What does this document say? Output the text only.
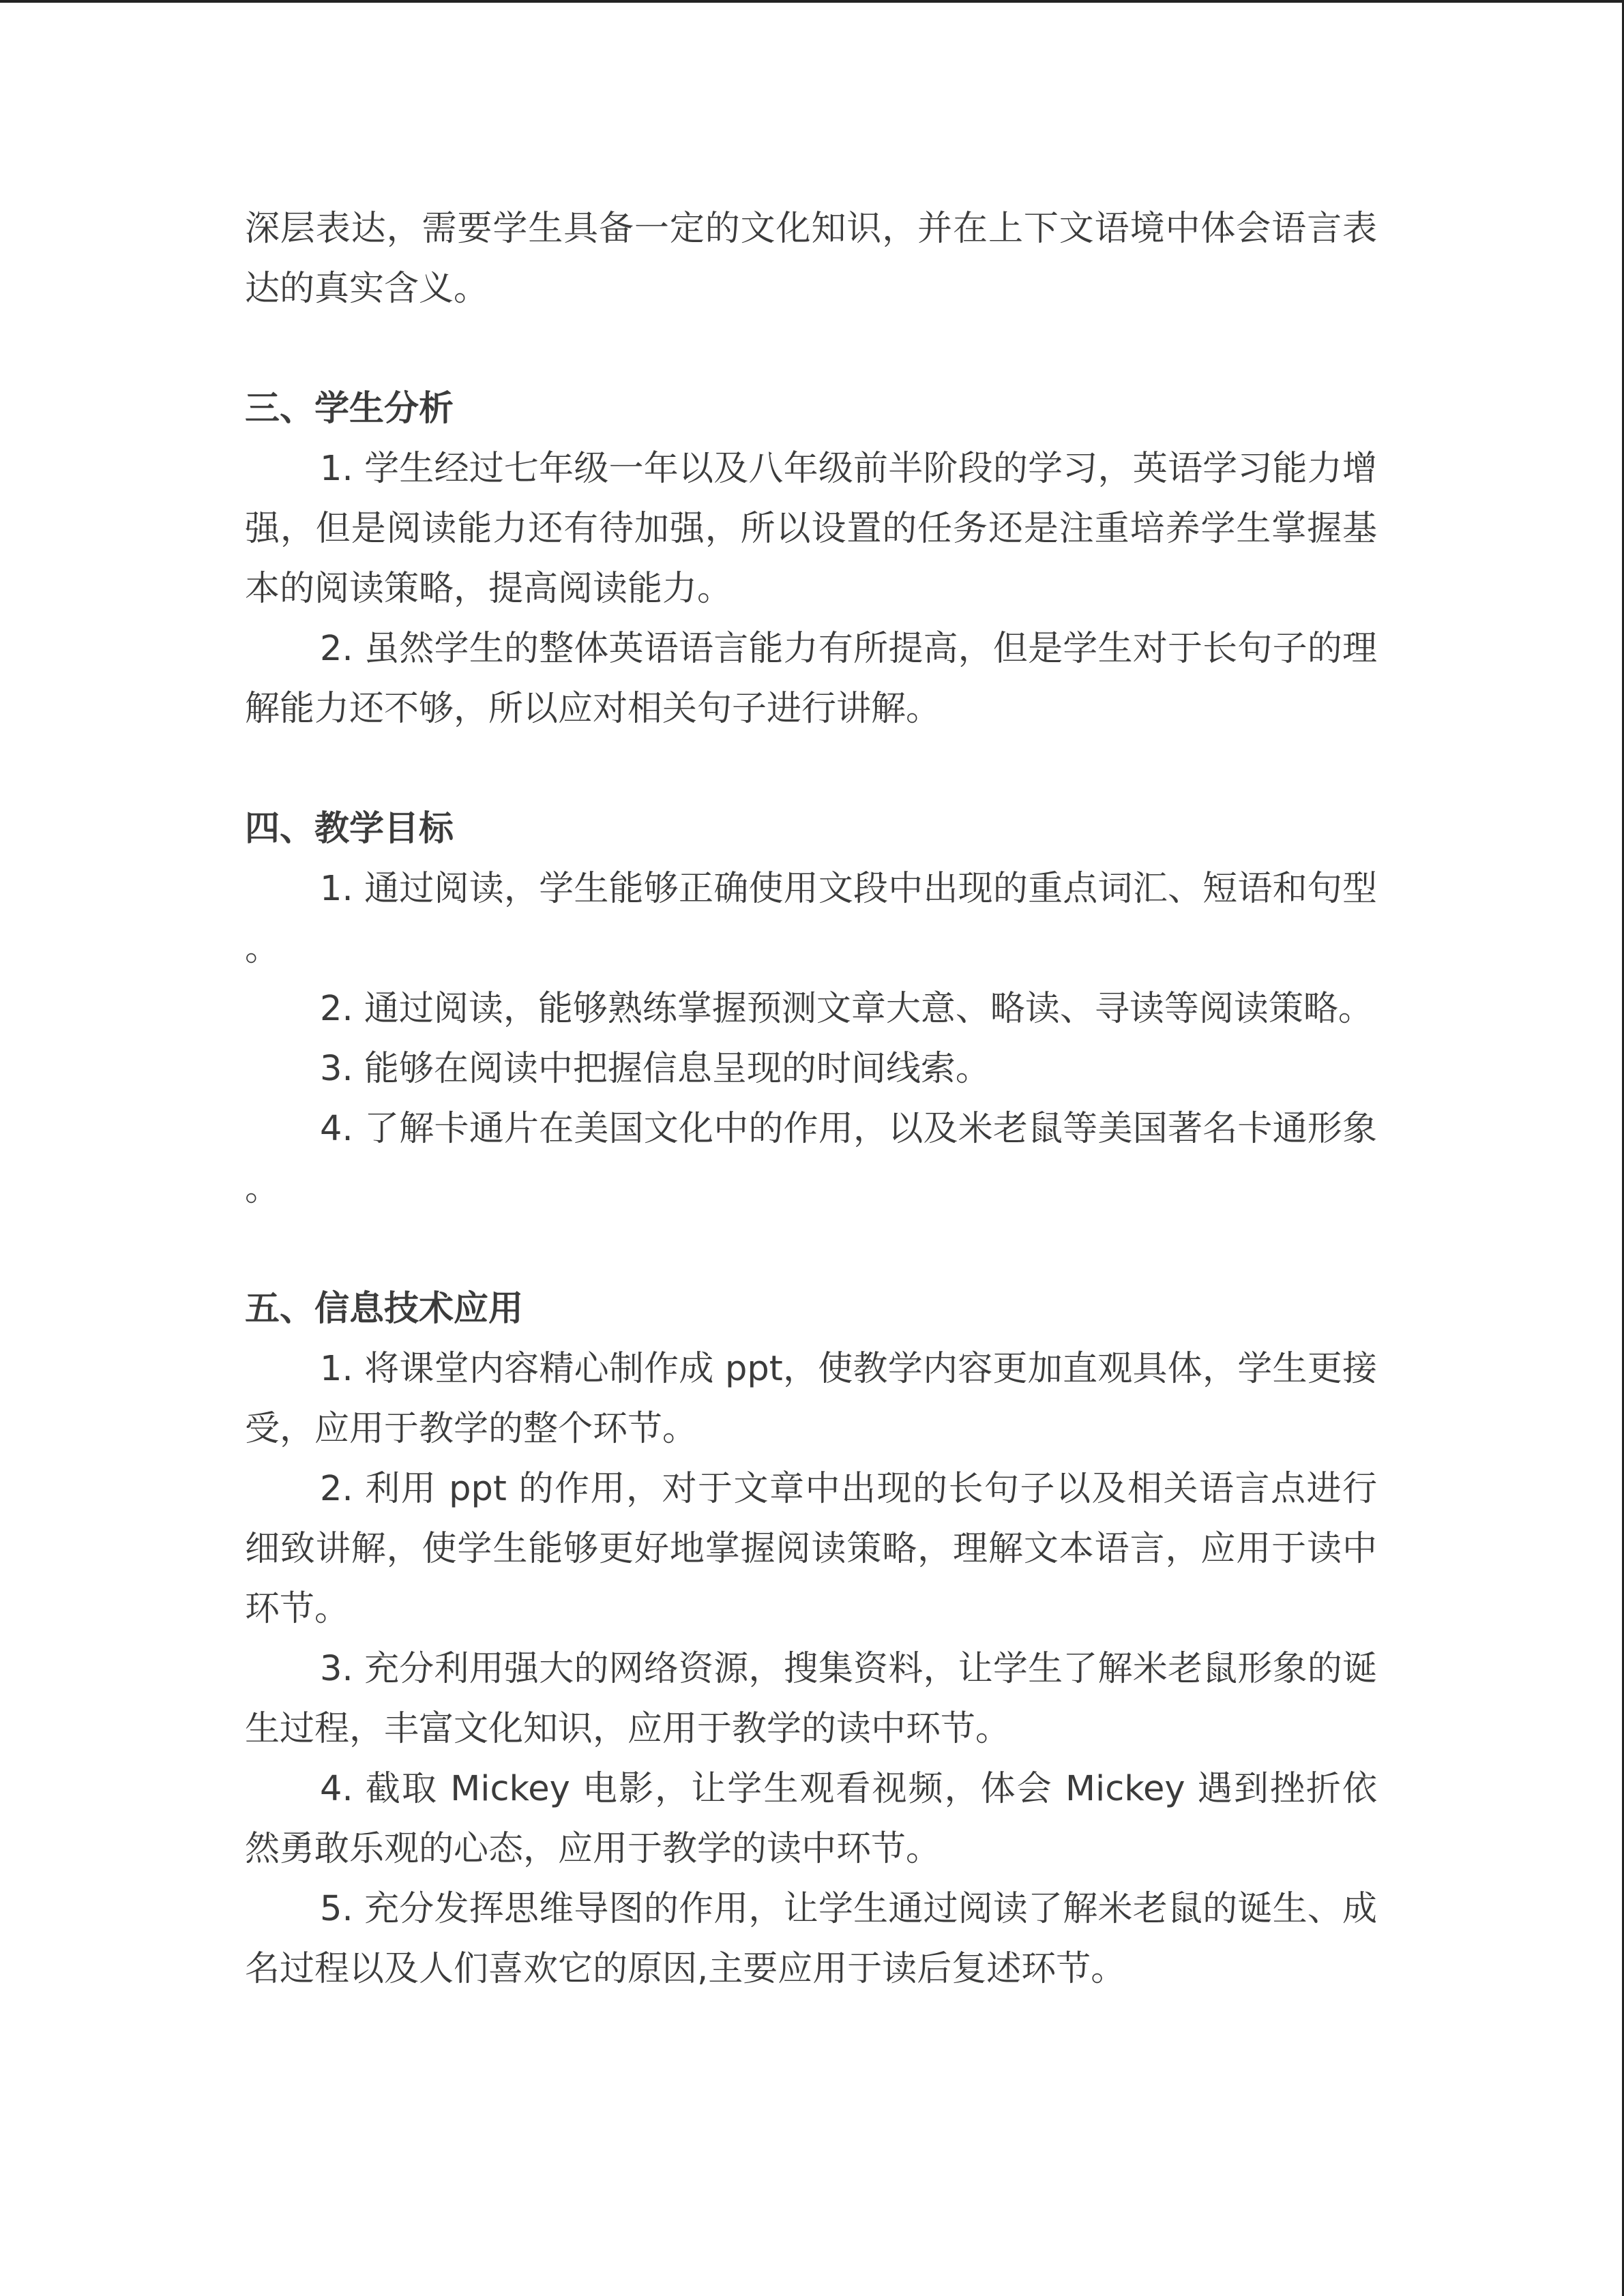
深层表达，需要学生具备一定的文化知识，并在上下文语境中体会语言表达的真实含义。

三、学生分析

1. 学生经过七年级一年以及八年级前半阶段的学习，英语学习能力增强，但是阅读能力还有待加强，所以设置的任务还是注重培养学生掌握基本的阅读策略，提高阅读能力。

2. 虽然学生的整体英语语言能力有所提高，但是学生对于长句子的理解能力还不够，所以应对相关句子进行讲解。

四、教学目标

1. 通过阅读，学生能够正确使用文段中出现的重点词汇、短语和句型。

2. 通过阅读，能够熟练掌握预测文章大意、略读、寻读等阅读策略。

3. 能够在阅读中把握信息呈现的时间线索。

4. 了解卡通片在美国文化中的作用，以及米老鼠等美国著名卡通形象。

五、信息技术应用

1. 将课堂内容精心制作成 ppt，使教学内容更加直观具体，学生更接受，应用于教学的整个环节。

2. 利用 ppt 的作用，对于文章中出现的长句子以及相关语言点进行细致讲解，使学生能够更好地掌握阅读策略，理解文本语言，应用于读中环节。

3. 充分利用强大的网络资源，搜集资料，让学生了解米老鼠形象的诞生过程，丰富文化知识，应用于教学的读中环节。

4. 截取 Mickey 电影，让学生观看视频，体会 Mickey 遇到挫折依然勇敢乐观的心态，应用于教学的读中环节。

5. 充分发挥思维导图的作用，让学生通过阅读了解米老鼠的诞生、成名过程以及人们喜欢它的原因,主要应用于读后复述环节。
